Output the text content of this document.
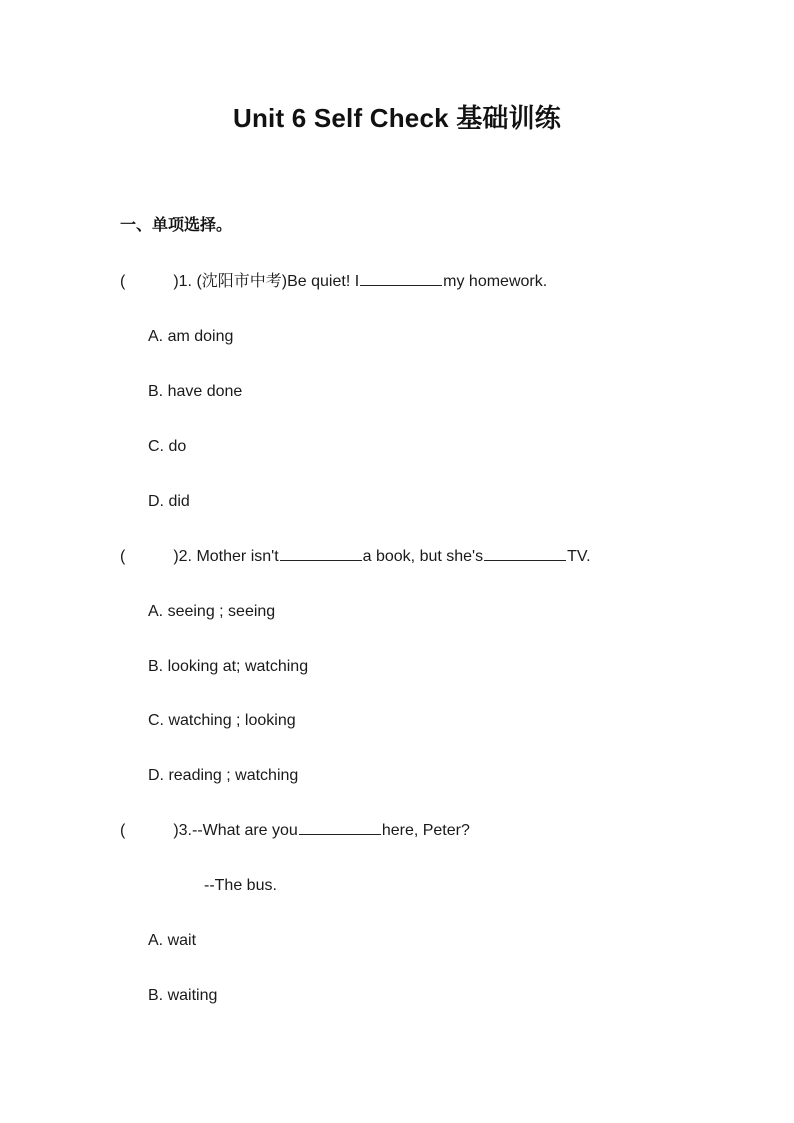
Unit 6 Self Check 基础训练
一、单项选择。
(	)1. (沈阳市中考)Be quiet! I	my homework.
A. am doing
B. have done
C. do
D. did
(	)2. Mother isn't	a book, but she's	TV.
A. seeing ; seeing
B. looking at; watching
C. watching ; looking
D. reading ; watching
(	)3.--What are you	here, Peter?
--The bus.
A. wait
B. waiting
